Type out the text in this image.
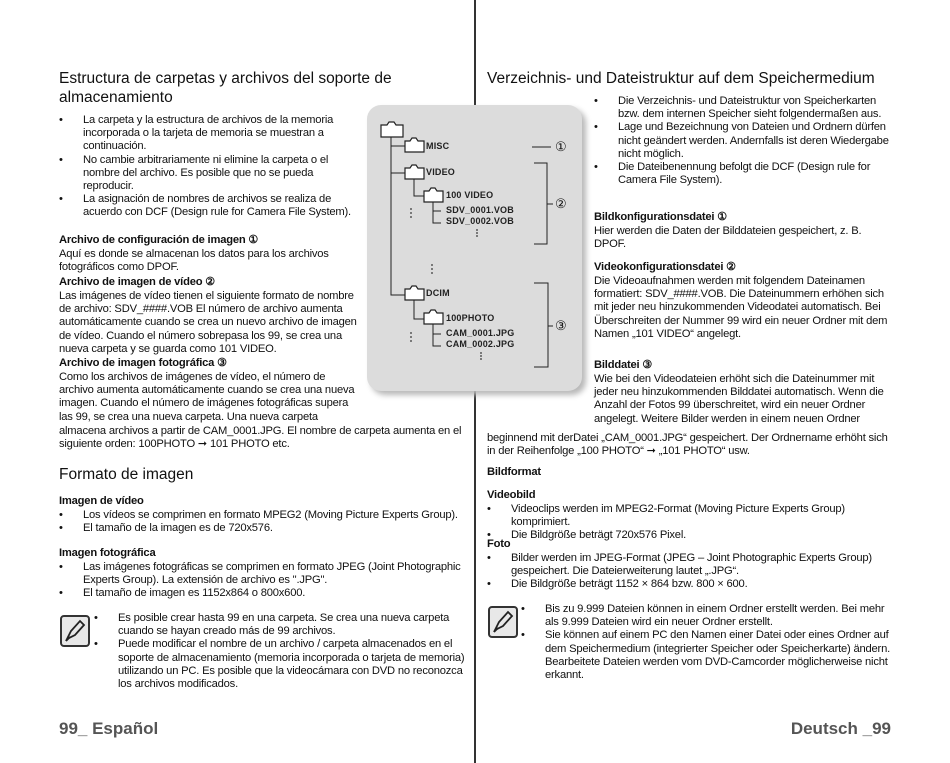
Estructura de carpetas y archivos del soporte de
almacenamiento
• La carpeta y la estructura de archivos de la memoria incorporada o la tarjeta de memoria se muestran a continuación.
• No cambie arbitrariamente ni elimine la carpeta o el nombre del archivo. Es posible que no se pueda reproducir.
• La asignación de nombres de archivos se realiza de acuerdo con DCF (Design rule for Camera File System).
Archivo de configuración de imagen ①
Aquí es donde se almacenan los datos para los archivos fotográficos como DPOF.
Archivo de imagen de vídeo ②
Las imágenes de vídeo tienen el siguiente formato de nombre de archivo: SDV_####.VOB El número de archivo aumenta automáticamente cuando se crea un nuevo archivo de imagen de vídeo. Cuando el número sobrepasa los 99, se crea una nueva carpeta y se guarda como 101 VIDEO.
Archivo de imagen fotográfica ③
Como los archivos de imágenes de vídeo, el número de archivo aumenta automáticamente cuando se crea una nueva imagen. Cuando el número de imágenes fotográficas supera las 99, se crea una nueva carpeta. Una nueva carpeta
almacena archivos a partir de CAM_0001.JPG. El nombre de carpeta aumenta en el siguiente orden: 100PHOTO ➞ 101 PHOTO etc.
Formato de imagen
Imagen de vídeo
• Los vídeos se comprimen en formato MPEG2 (Moving Picture Experts Group).
• El tamaño de la imagen es de 720x576.
Imagen fotográfica
• Las imágenes fotográficas se comprimen en formato JPEG (Joint Photographic Experts Group). La extensión de archivo es ".JPG".
• El tamaño de imagen es 1152x864 o 800x600.
• Es posible crear hasta 99 en una carpeta. Se crea una nueva carpeta cuando se hayan creado más de 99 archivos.
• Puede modificar el nombre de un archivo / carpeta almacenados en el soporte de almacenamiento (memoria incorporada o tarjeta de memoria) utilizando un PC. Es posible que la videocámara con DVD no reconozca los archivos modificados.
99_ Español
MISC
VIDEO
100 VIDEO
SDV_0001.VOB
SDV_0002.VOB
DCIM
100PHOTO
CAM_0001.JPG
CAM_0002.JPG
①
②
③
Verzeichnis- und Dateistruktur auf dem Speichermedium
• Die Verzeichnis- und Dateistruktur von Speicherkarten bzw. dem internen Speicher sieht folgendermaßen aus.
• Lage und Bezeichnung von Dateien und Ordnern dürfen nicht geändert werden. Andernfalls ist deren Wiedergabe nicht möglich.
• Die Dateibenennung befolgt die DCF (Design rule for Camera File System).
Bildkonfigurationsdatei ①
Hier werden die Daten der Bilddateien gespeichert, z. B. DPOF.
Videokonfigurationsdatei ②
Die Videoaufnahmen werden mit folgendem Dateinamen formatiert: SDV_####.VOB. Die Dateinummern erhöhen sich mit jeder neu hinzukommenden Videodatei automatisch. Bei Überschreiten der Nummer 99 wird ein neuer Ordner mit dem Namen „101 VIDEO“ angelegt.
Bilddatei ③
Wie bei den Videodateien erhöht sich die Dateinummer mit jeder neu hinzukommenden Bilddatei automatisch. Wenn die Anzahl der Fotos 99 überschreitet, wird ein neuer Ordner angelegt. Weitere Bilder werden in einem neuen Ordner
beginnend mit derDatei „CAM_0001.JPG“ gespeichert. Der Ordnername erhöht sich in der Reihenfolge „100 PHOTO“ ➞ „101 PHOTO“ usw.
Bildformat
Videobild
• Videoclips werden im MPEG2-Format (Moving Picture Experts Group) komprimiert.
• Die Bildgröße beträgt 720x576 Pixel.
Foto
• Bilder werden im JPEG-Format (JPEG – Joint Photographic Experts Group) gespeichert. Die Dateierweiterung lautet „.JPG“.
• Die Bildgröße beträgt 1152 × 864 bzw. 800 × 600.
• Bis zu 9.999 Dateien können in einem Ordner erstellt werden. Bei mehr als 9.999 Dateien wird ein neuer Ordner erstellt.
• Sie können auf einem PC den Namen einer Datei oder eines Ordner auf dem Speichermedium (integrierter Speicher oder Speicherkarte) ändern. Bearbeitete Dateien werden vom DVD-Camcorder möglicherweise nicht erkannt.
Deutsch _99
